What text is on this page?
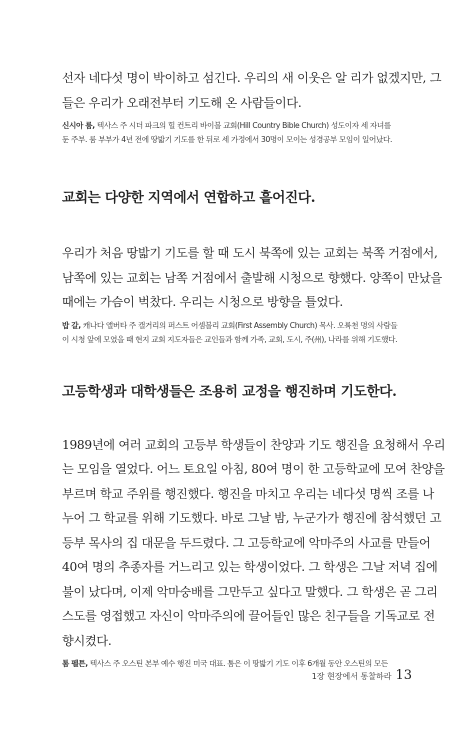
선자 네다섯 명이 박이하고 섬긴다. 우리의 새 이웃은 알 리가 없겠지만, 그
들은 우리가 오래전부터 기도해 온 사람들이다.

신시아 룸, 텍사스 주 시더 파크의 힐 컨트리 바이블 교회(Hill Country Bible Church) 성도이자 세 자녀를
둔 주부. 룸 부부가 4년 전에 땅밟기 기도를 한 뒤로 세 가정에서 30명이 모이는 성경공부 모임이 일어났다.

교회는 다양한 지역에서 연합하고 흩어진다.

우리가 처음 땅밟기 기도를 할 때 도시 북쪽에 있는 교회는 북쪽 거점에서,
남쪽에 있는 교회는 남쪽 거점에서 출발해 시청으로 향했다. 양쪽이 만났을
때에는 가슴이 벅찼다. 우리는 시청으로 방향을 틀었다.

밥 갈, 캐나다 앨버타 주 캘거리의 퍼스트 어셈블리 교회(First Assembly Church) 목사. 오륙천 명의 사람들
이 시청 앞에 모였을 때 현지 교회 지도자들은 교인들과 함께 가족, 교회, 도시, 주(州), 나라를 위해 기도했다.

고등학생과 대학생들은 조용히 교정을 행진하며 기도한다.

1989년에 여러 교회의 고등부 학생들이 찬양과 기도 행진을 요청해서 우리
는 모임을 열었다. 어느 토요일 아침, 80여 명이 한 고등학교에 모여 찬양을
부르며 학교 주위를 행진했다. 행진을 마치고 우리는 네다섯 명씩 조를 나
누어 그 학교를 위해 기도했다. 바로 그날 밤, 누군가가 행진에 참석했던 고
등부 목사의 집 대문을 두드렸다. 그 고등학교에 악마주의 사교를 만들어
40여 명의 추종자를 거느리고 있는 학생이었다. 그 학생은 그날 저녁 집에
불이 났다며, 이제 악마숭배를 그만두고 싶다고 말했다. 그 학생은 곧 그리
스도를 영접했고 자신이 악마주의에 끌어들인 많은 친구들을 기독교로 전
향시켰다.

톰 펠튼, 텍사스 주 오스틴 본부 예수 행진 미국 대표. 톰은 이 땅밟기 기도 이후 6개월 동안 오스틴의 모든

1장 현장에서 통찰하라 13
